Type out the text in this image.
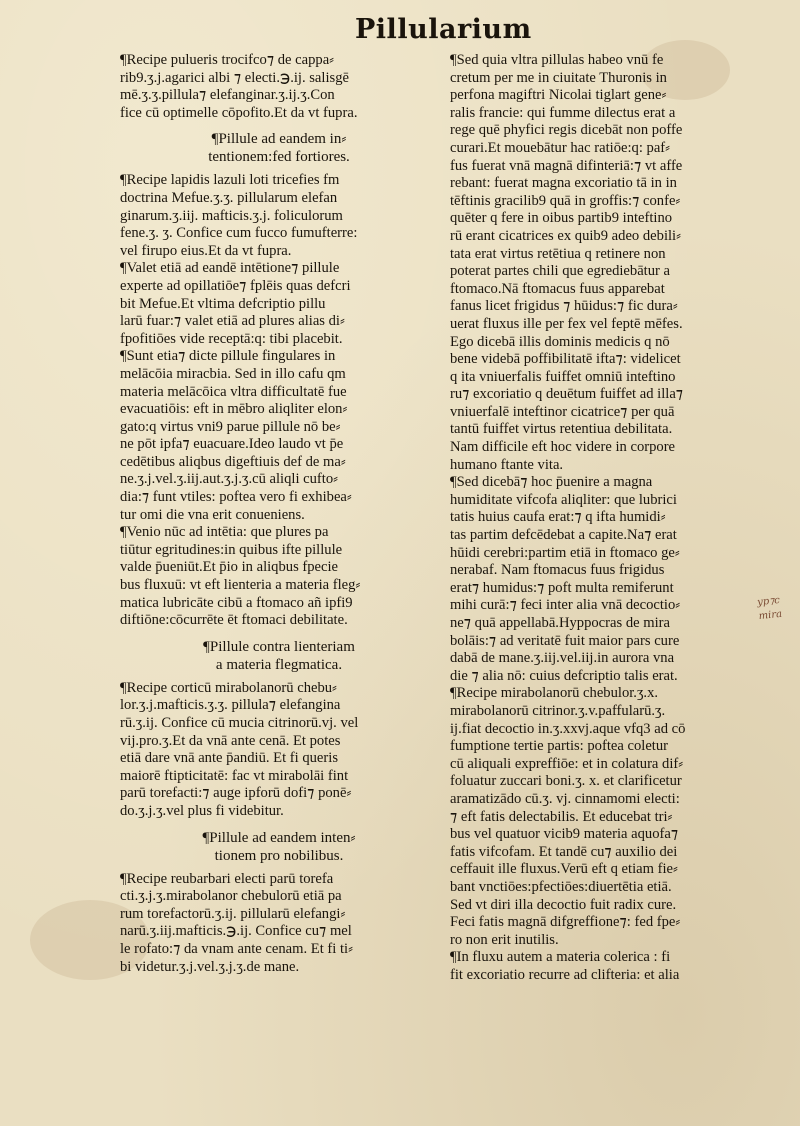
Pillularium
¶Recipe pulueris trocifco⁊ de cappa⸗
rib9.ʒ.j.agarici albi ⁊ electi.℈.ij. salisgē
mē.ʒ.ʒ.pillula⁊ elefanginar.ʒ.ij.ʒ.Con
fice cū optimelle cōpofito.Et da vt fupra.
¶Pillule ad eandem in⸗
tentionem:fed fortiores.
¶Recipe lapidis lazuli loti tricefies fm
doctrina Mefue.ʒ.ʒ. pillularum elefan
ginarum.ʒ.iij. mafticis.ʒ.j. foliculorum
fene.ʒ. ʒ. Confice cum fucco fumufterre:
vel firupo eius.Et da vt fupra.
¶Valet etiā ad eandē intētione⁊ pillule
experte ad opillatiōe⁊ fplēis quas defcri
bit Mefue.Et vltima defcriptio pillu
larū fuar:⁊ valet etiā ad plures alias di⸗
fpofitiōes vide receptā:q: tibi placebit.
¶Sunt etia⁊ dicte pillule fingulares in
melācōia miracbia. Sed in illo cafu qm
materia melācōica vltra difficultatē fue
evacuatiōis: eft in mēbro aliqliter elon⸗
gato:q virtus vni9 parue pillule nō be⸗
ne pōt ipfa⁊ euacuare.Ideo laudo vt p̄e
cedētibus aliqbus digeftiuis def de ma⸗
ne.ʒ.j.vel.ʒ.iij.aut.ʒ.j.ʒ.cū aliqli cufto⸗
dia:⁊ funt vtiles: poftea vero fi exhibea⸗
tur omi die vna erit conueniens.
¶Venio nūc ad intētia: que plures pa
tiūtur egritudines:in quibus ifte pillule
valde p̄ueniūt.Et p̄io in aliqbus fpecie
bus fluxuū: vt eft lienteria a materia fleg⸗
matica lubricāte cibū a ftomaco añ ipfi9
diftiōne:cōcurrēte ēt ftomaci debilitate.
¶Pillule contra lienteriam
a materia flegmatica.
¶Recipe corticū mirabolanorū chebu⸗
lor.ʒ.j.mafticis.ʒ.ʒ. pillula⁊ elefangina
rū.ʒ.ij. Confice cū mucia citrinorū.vj. vel
vij.pro.ʒ.Et da vnā ante cenā. Et potes
etiā dare vnā ante p̄andiū. Et fi queris
maiorē ftipticitatē: fac vt mirabolāi fint
parū torefacti:⁊ auge ipforū dofi⁊ ponē⸗
do.ʒ.j.ʒ.vel plus fi videbitur.
¶Pillule ad eandem inten⸗
tionem pro nobilibus.
¶Recipe reubarbari electi parū torefa
cti.ʒ.j.ʒ.mirabolanor chebulorū etiā pa
rum torefactorū.ʒ.ij. pillularū elefangi⸗
narū.ʒ.iij.mafticis.℈.ij. Confice cu⁊ mel
le rofato:⁊ da vnam ante cenam. Et fi ti⸗
bi videtur.ʒ.j.vel.ʒ.j.ʒ.de mane.
¶Sed quia vltra pillulas habeo vnū fe
cretum per me in ciuitate Thuronis in
perfona magiftri Nicolai tiglart gene⸗
ralis francie: qui fumme dilectus erat a
rege quē phyfici regis dicebāt non poffe
curari.Et mouebātur hac ratiōe:q: paf⸗
fus fuerat vnā magnā difinteriā:⁊ vt affe
rebant: fuerat magna excoriatio tā in in
tēftinis gracilib9 quā in groffis:⁊ confe⸗
quēter q fere in oibus partib9 inteftino
rū erant cicatrices ex quib9 adeo debili⸗
tata erat virtus retētiua q retinere non
poterat partes chili que egrediebātur a
ftomaco.Nā ftomacus fuus apparebat
fanus licet frigidus ⁊ hūidus:⁊ fic dura⸗
uerat fluxus ille per fex vel feptē mēfes.
Ego dicebā illis dominis medicis q nō
bene videbā poffibilitatē ifta⁊: videlicet
q ita vniuerfalis fuiffet omniū inteftino
ru⁊ excoriatio q deuētum fuiffet ad illa⁊
vniuerfalē inteftinor cicatrice⁊ per quā
tantū fuiffet virtus retentiua debilitata.
Nam difficile eft hoc videre in corpore
humano ftante vita.
¶Sed dicebā⁊ hoc p̄uenire a magna
humiditate vifcofa aliqliter: que lubrici
tatis huius caufa erat:⁊ q ifta humidi⸗
tas partim defcēdebat a capite.Na⁊ erat
hūidi cerebri:partim etiā in ftomaco ge⸗
nerabaf. Nam ftomacus fuus frigidus
erat⁊ humidus:⁊ poft multa remiferunt
mihi curā:⁊ feci inter alia vnā decoctio⸗
ne⁊ quā appellabā.Hyppocras de mira
bolāis:⁊ ad veritatē fuit maior pars cure
dabā de mane.ʒ.iij.vel.iij.in aurora vna
die ⁊ alia nō: cuius defcriptio talis erat.
¶Recipe mirabolanorū chebulor.ʒ.x.
mirabolanorū citrinor.ʒ.v.paffularū.ʒ.
ij.fiat decoctio in.ʒ.xxvj.aque vfq3 ad cō
fumptione tertie partis: poftea coletur
cū aliquali expreffiōe: et in colatura dif⸗
foluatur zuccari boni.ʒ. x. et clarificetur
aramatizādo cū.ʒ. vj. cinnamomi electi:
⁊ eft fatis delectabilis. Et educebat tri⸗
bus vel quatuor vicib9 materia aquofa⁊
fatis vifcofam. Et tandē cu⁊ auxilio dei
ceffauit ille fluxus.Verū eft q etiam fie⸗
bant vnctiōes:pfectiōes:diuertētia etiā.
Sed vt diri illa decoctio fuit radix cure.
Feci fatis magnā difgreffione⁊: fed fpe⸗
ro non erit inutilis.
¶In fluxu autem a materia colerica : fi
fit excoriatio recurre ad clifteria: et alia
yp⁊c
mira
